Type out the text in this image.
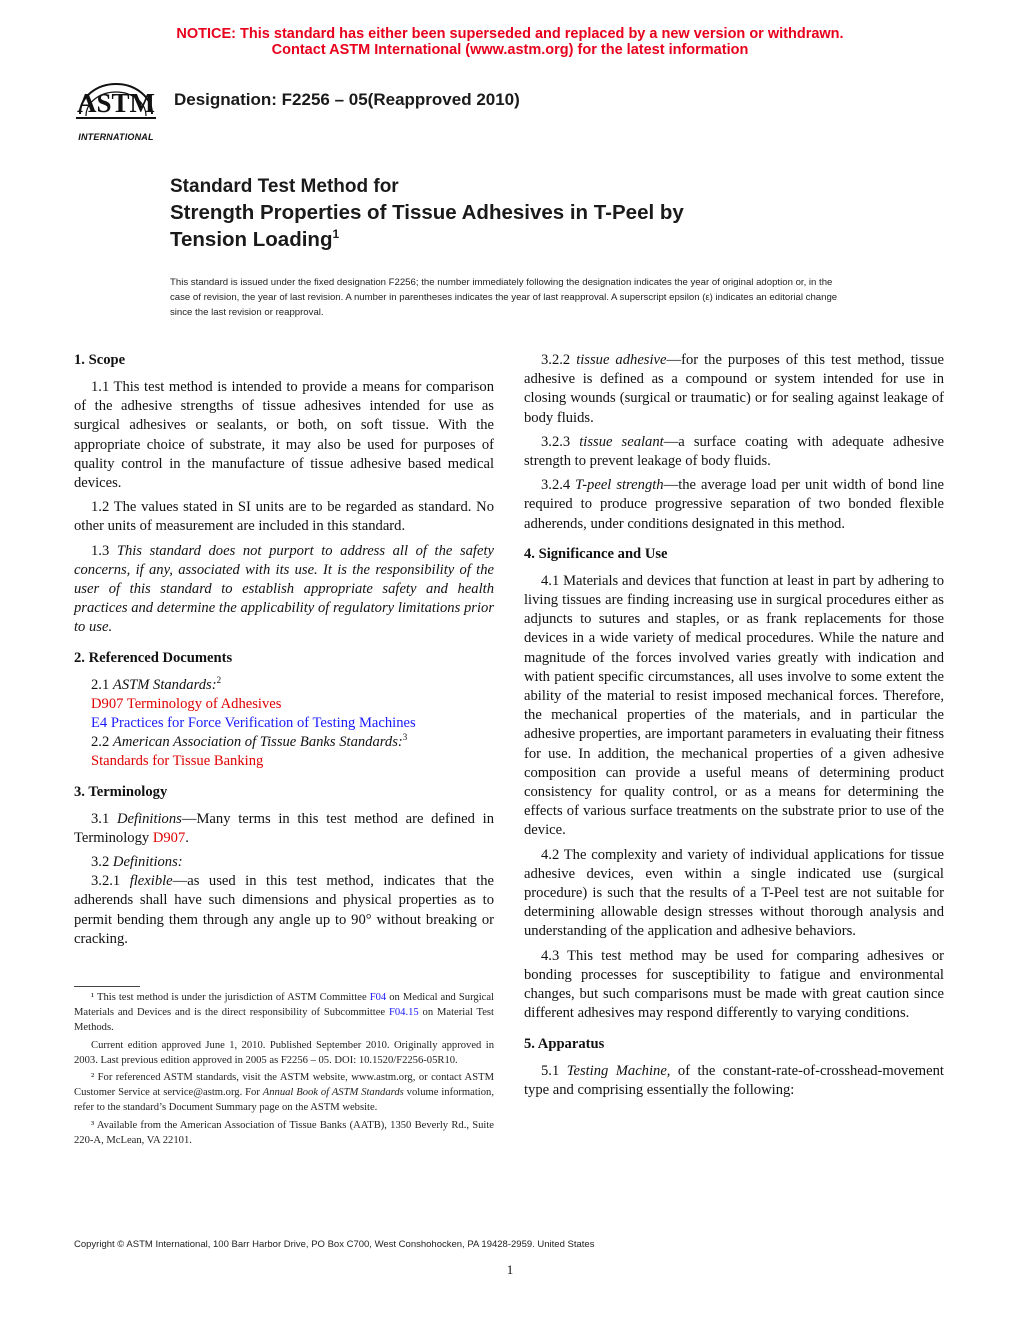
NOTICE: This standard has either been superseded and replaced by a new version or withdrawn.
Contact ASTM International (www.astm.org) for the latest information
ASTM
INTERNATIONAL
Designation: F2256 – 05(Reapproved 2010)
Standard Test Method for
Strength Properties of Tissue Adhesives in T-Peel by
Tension Loading$^1$
This standard is issued under the fixed designation F2256; the number immediately following the designation indicates the year of original adoption or, in the case of revision, the year of last revision. A number in parentheses indicates the year of last reapproval. A superscript epsilon (ε) indicates an editorial change since the last revision or reapproval.
1. Scope

1.1 This test method is intended to provide a means for comparison of the adhesive strengths of tissue adhesives intended for use as surgical adhesives or sealants, or both, on soft tissue. With the appropriate choice of substrate, it may also be used for purposes of quality control in the manufacture of tissue adhesive based medical devices.

1.2 The values stated in SI units are to be regarded as standard. No other units of measurement are included in this standard.

1.3 This standard does not purport to address all of the safety concerns, if any, associated with its use. It is the responsibility of the user of this standard to establish appropriate safety and health practices and determine the applicability of regulatory limitations prior to use.

2. Referenced Documents

2.1 ASTM Standards:$^2$

D907 Terminology of Adhesives

E4 Practices for Force Verification of Testing Machines

2.2 American Association of Tissue Banks Standards:$^3$

Standards for Tissue Banking

3. Terminology

3.1 Definitions—Many terms in this test method are defined in Terminology D907.

3.2 Definitions:

3.2.1 flexible—as used in this test method, indicates that the adherends shall have such dimensions and physical properties as to permit bending them through any angle up to 90° without breaking or cracking.

3.2.2 tissue adhesive—for the purposes of this test method, tissue adhesive is defined as a compound or system intended for use in closing wounds (surgical or traumatic) or for sealing against leakage of body fluids.

3.2.3 tissue sealant—a surface coating with adequate adhesive strength to prevent leakage of body fluids.

3.2.4 T-peel strength—the average load per unit width of bond line required to produce progressive separation of two bonded flexible adherends, under conditions designated in this method.

4. Significance and Use

4.1 Materials and devices that function at least in part by adhering to living tissues are finding increasing use in surgical procedures either as adjuncts to sutures and staples, or as frank replacements for those devices in a wide variety of medical procedures. While the nature and magnitude of the forces involved varies greatly with indication and with patient specific circumstances, all uses involve to some extent the ability of the material to resist imposed mechanical forces. Therefore, the mechanical properties of the materials, and in particular the adhesive properties, are important parameters in evaluating their fitness for use. In addition, the mechanical properties of a given adhesive composition can provide a useful means of determining product consistency for quality control, or as a means for determining the effects of various surface treatments on the substrate prior to use of the device.

4.2 The complexity and variety of individual applications for tissue adhesive devices, even within a single indicated use (surgical procedure) is such that the results of a T-Peel test are not suitable for determining allowable design stresses without thorough analysis and understanding of the application and adhesive behaviors.

4.3 This test method may be used for comparing adhesives or bonding processes for susceptibility to fatigue and environmental changes, but such comparisons must be made with great caution since different adhesives may respond differently to varying conditions.

5. Apparatus

5.1 Testing Machine, of the constant-rate-of-crosshead-movement type and comprising essentially the following:

¹ This test method is under the jurisdiction of ASTM Committee F04 on Medical and Surgical Materials and Devices and is the direct responsibility of Subcommittee F04.15 on Material Test Methods.

Current edition approved June 1, 2010. Published September 2010. Originally approved in 2003. Last previous edition approved in 2005 as F2256 – 05. DOI: 10.1520/F2256-05R10.

² For referenced ASTM standards, visit the ASTM website, www.astm.org, or contact ASTM Customer Service at service@astm.org. For Annual Book of ASTM Standards volume information, refer to the standard’s Document Summary page on the ASTM website.

³ Available from the American Association of Tissue Banks (AATB), 1350 Beverly Rd., Suite 220-A, McLean, VA 22101.

Copyright © ASTM International, 100 Barr Harbor Drive, PO Box C700, West Conshohocken, PA 19428-2959. United States
1
